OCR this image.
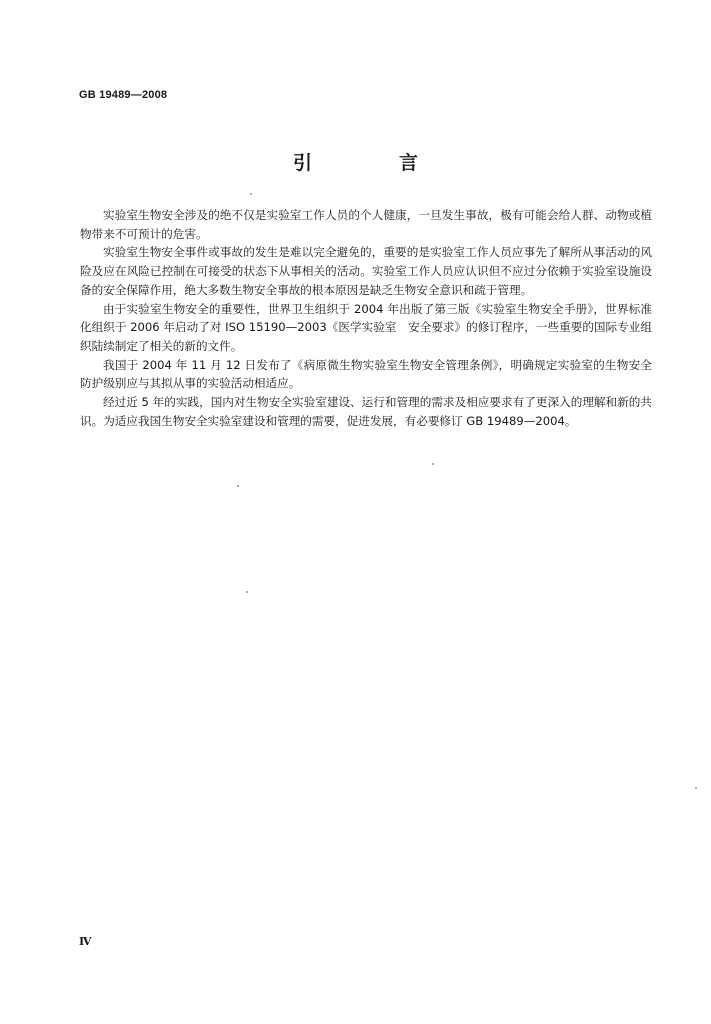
GB 19489—2008
引　言

实验室生物安全涉及的绝不仅是实验室工作人员的个人健康，一旦发生事故，极有可能会给人群、动物或植物带来不可预计的危害。

实验室生物安全事件或事故的发生是难以完全避免的，重要的是实验室工作人员应事先了解所从事活动的风险及应在风险已控制在可接受的状态下从事相关的活动。实验室工作人员应认识但不应过分依赖于实验室设施设备的安全保障作用，绝大多数生物安全事故的根本原因是缺乏生物安全意识和疏于管理。

由于实验室生物安全的重要性，世界卫生组织于 2004 年出版了第三版《实验室生物安全手册》，世界标准化组织于 2006 年启动了对 ISO 15190—2003《医学实验室　安全要求》的修订程序，一些重要的国际专业组织陆续制定了相关的新的文件。

我国于 2004 年 11 月 12 日发布了《病原微生物实验室生物安全管理条例》，明确规定实验室的生物安全防护级别应与其拟从事的实验活动相适应。

经过近 5 年的实践，国内对生物安全实验室建设、运行和管理的需求及相应要求有了更深入的理解和新的共识。为适应我国生物安全实验室建设和管理的需要，促进发展，有必要修订 GB 19489—2004。

Ⅳ
